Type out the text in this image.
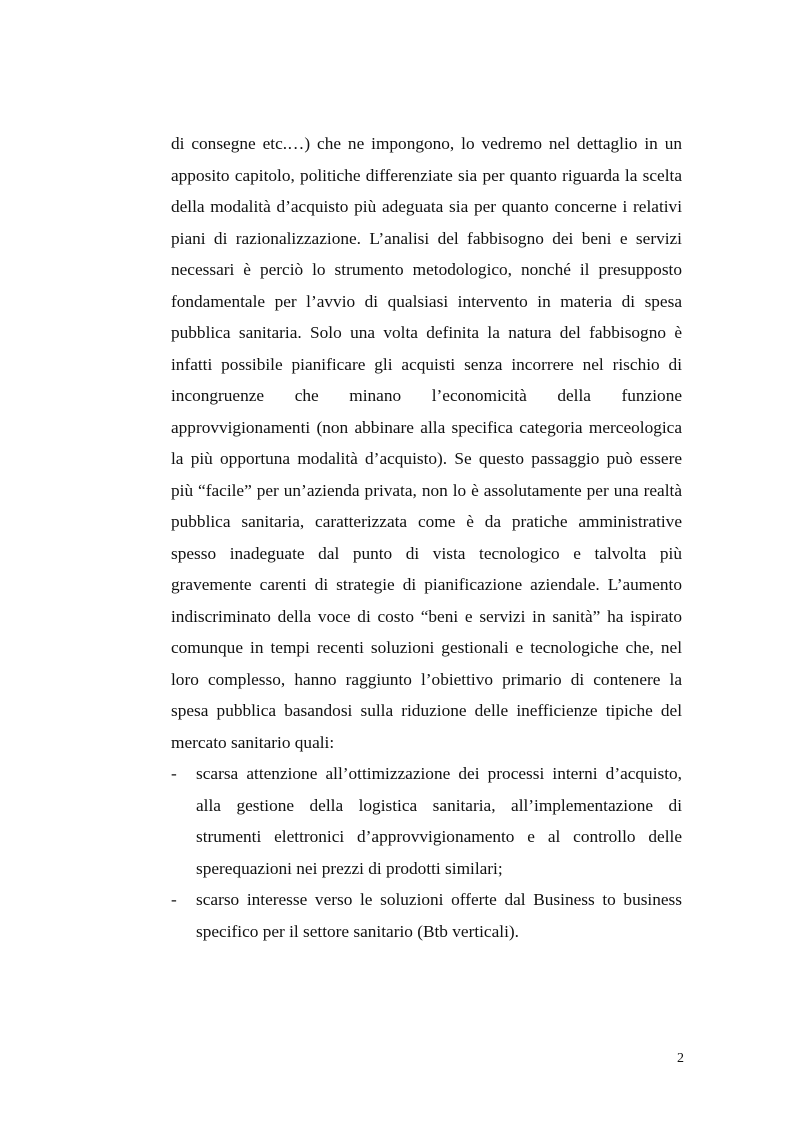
di consegne etc.…) che ne impongono, lo vedremo nel dettaglio in un apposito capitolo, politiche differenziate sia per quanto riguarda la scelta della modalità d’acquisto più adeguata sia per quanto concerne i relativi piani di razionalizzazione. L’analisi del fabbisogno dei beni e servizi necessari è perciò lo strumento metodologico, nonché il presupposto fondamentale per l’avvio di qualsiasi intervento in materia di spesa pubblica sanitaria. Solo una volta definita la natura del fabbisogno è infatti possibile pianificare gli acquisti senza incorrere nel rischio di incongruenze che minano l’economicità della funzione approvvigionamenti (non abbinare alla specifica categoria merceologica la più opportuna modalità d’acquisto). Se questo passaggio può essere più “facile” per un’azienda privata, non lo è assolutamente per una realtà pubblica sanitaria, caratterizzata come è da pratiche amministrative spesso inadeguate dal punto di vista tecnologico e talvolta più gravemente carenti di strategie di pianificazione aziendale. L’aumento indiscriminato della voce di costo “beni e servizi in sanità” ha ispirato comunque in tempi recenti soluzioni gestionali e tecnologiche che, nel loro complesso, hanno raggiunto l’obiettivo primario di contenere la spesa pubblica basandosi sulla riduzione delle inefficienze tipiche del mercato sanitario quali:

- scarsa attenzione all’ottimizzazione dei processi interni d’acquisto, alla gestione della logistica sanitaria, all’implementazione di strumenti elettronici d’approvvigionamento e al controllo delle sperequazioni nei prezzi di prodotti similari;
- scarso interesse verso le soluzioni offerte dal Business to business specifico per il settore sanitario (Btb verticali).
2
